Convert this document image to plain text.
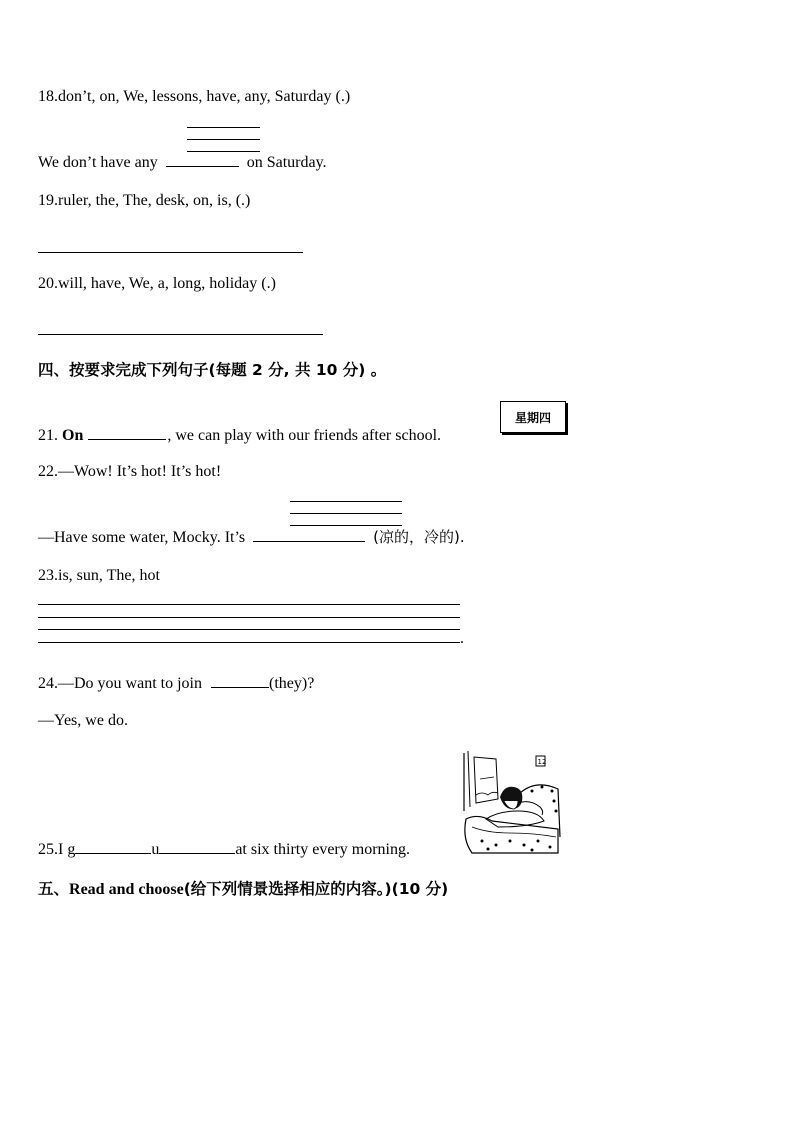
18.don’t, on, We, lessons, have, any, Saturday (.)
We don’t have any	on Saturday.
19.ruler, the, The, desk, on, is, (.)
20.will, have, We, a, long, holiday (.)
四、按要求完成下列句子(每题 2 分, 共 10 分) 。
21. On	, we can play with our friends after school.
星期四
22.—Wow! It’s hot! It’s hot!
—Have some water, Mocky. It’s	(凉的，冷的).
23.is, sun, The, hot
.
24.—Do you want to join	(they)?
—Yes, we do.
12
25.I g	u	at six thirty every morning.
五、Read and choose(给下列情景选择相应的内容。)(10 分)
